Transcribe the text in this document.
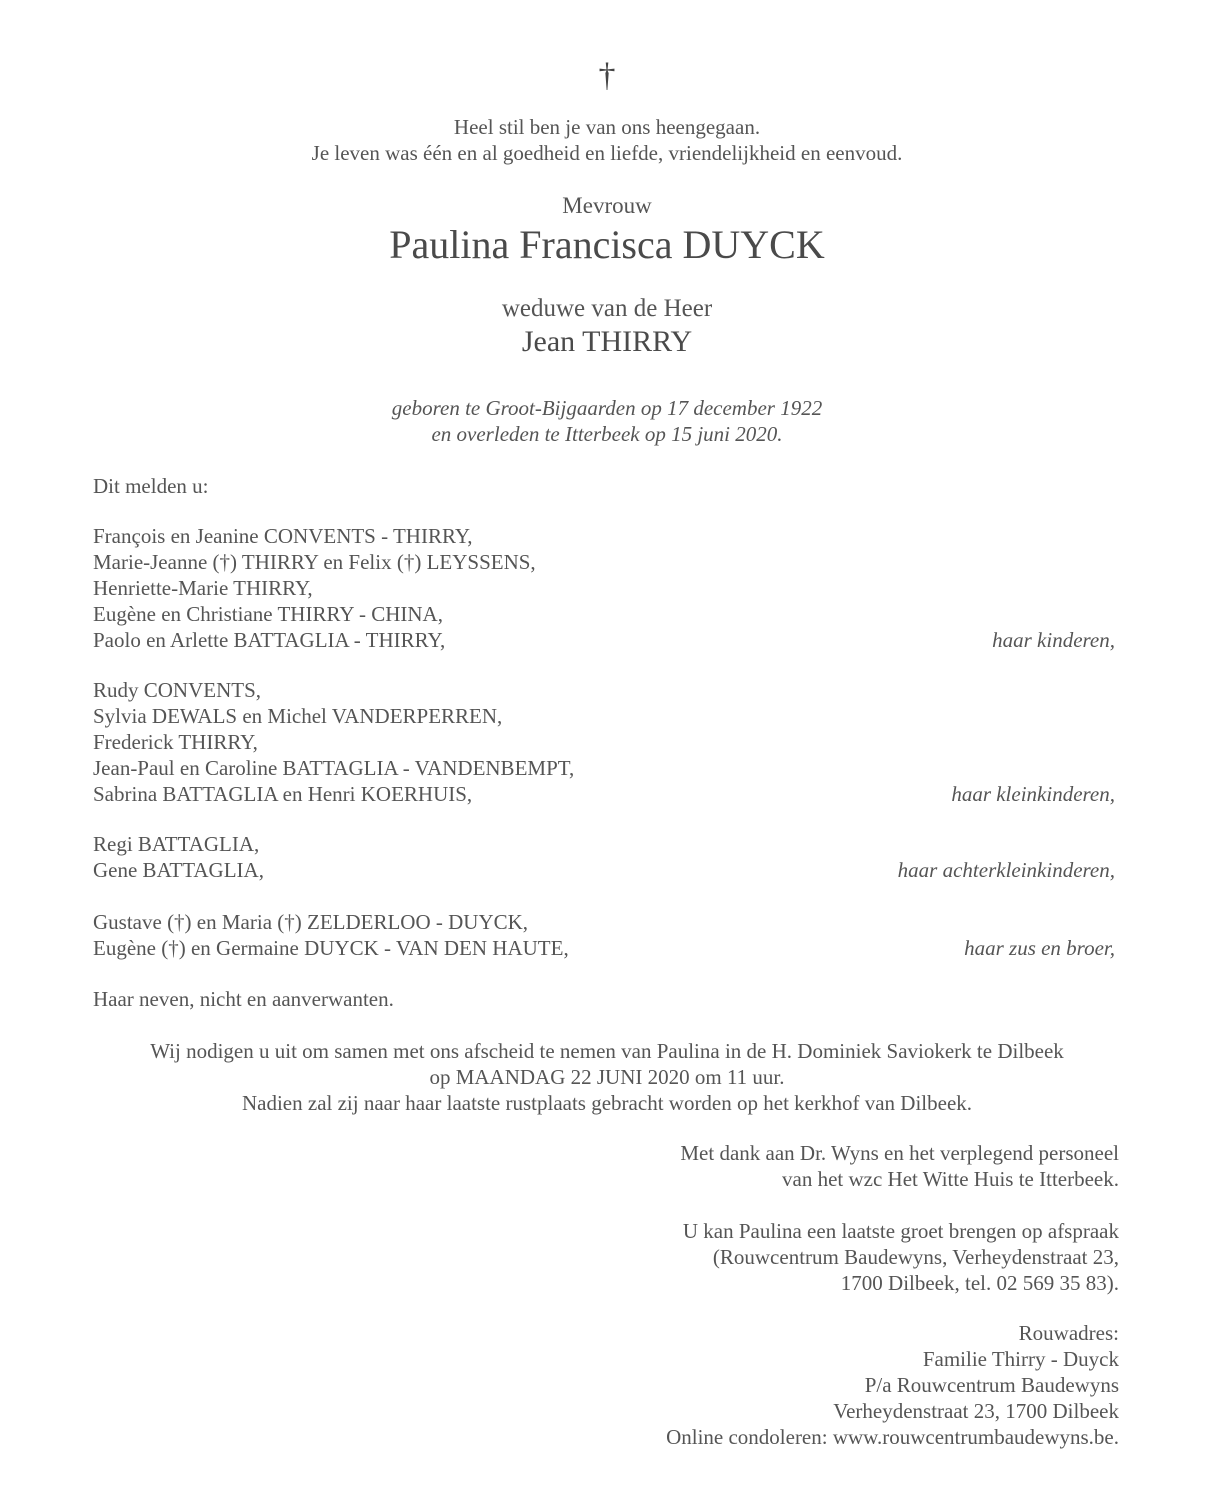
†
Heel stil ben je van ons heengegaan.
Je leven was één en al goedheid en liefde, vriendelijkheid en eenvoud.
Mevrouw
Paulina Francisca DUYCK
weduwe van de Heer
Jean THIRRY
geboren te Groot-Bijgaarden op 17 december 1922
en overleden te Itterbeek op 15 juni 2020.
Dit melden u:
François en Jeanine CONVENTS - THIRRY,
Marie-Jeanne (†) THIRRY en Felix (†) LEYSSENS,
Henriette-Marie THIRRY,
Eugène en Christiane THIRRY - CHINA,
Paolo en Arlette BATTAGLIA - THIRRY,	haar kinderen,
Rudy CONVENTS,
Sylvia DEWALS en Michel VANDERPERREN,
Frederick THIRRY,
Jean-Paul en Caroline BATTAGLIA - VANDENBEMPT,
Sabrina BATTAGLIA en Henri KOERHUIS,	haar kleinkinderen,
Regi BATTAGLIA,
Gene BATTAGLIA,	haar achterkleinkinderen,
Gustave (†) en Maria (†) ZELDERLOO - DUYCK,
Eugène (†) en Germaine DUYCK - VAN DEN HAUTE,	haar zus en broer,
Haar neven, nicht en aanverwanten.
Wij nodigen u uit om samen met ons afscheid te nemen van Paulina in de H. Dominiek Saviokerk te Dilbeek
op MAANDAG 22 JUNI 2020 om 11 uur.
Nadien zal zij naar haar laatste rustplaats gebracht worden op het kerkhof van Dilbeek.
Met dank aan Dr. Wyns en het verplegend personeel
van het wzc Het Witte Huis te Itterbeek.
U kan Paulina een laatste groet brengen op afspraak
(Rouwcentrum Baudewyns, Verheydenstraat 23,
1700 Dilbeek, tel. 02 569 35 83).
Rouwadres:
Familie Thirry - Duyck
P/a Rouwcentrum Baudewyns
Verheydenstraat 23, 1700 Dilbeek
Online condoleren: www.rouwcentrumbaudewyns.be.
